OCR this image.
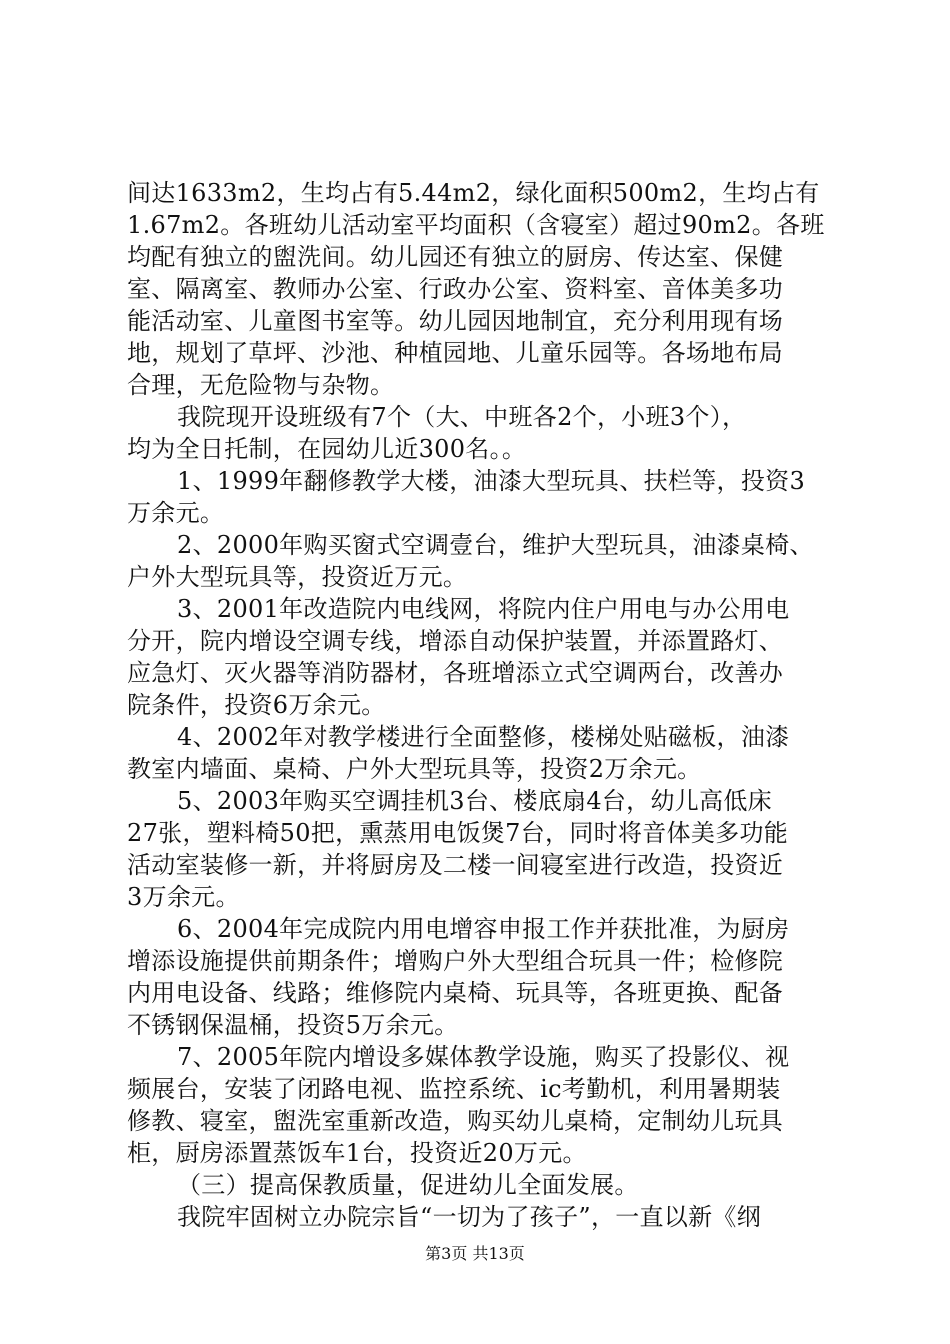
间达1633m2，生均占有5.44m2，绿化面积500m2，生均占有
1.67m2。各班幼儿活动室平均面积（含寝室）超过90m2。各班
均配有独立的盥洗间。幼儿园还有独立的厨房、传达室、保健
室、隔离室、教师办公室、行政办公室、资料室、音体美多功
能活动室、儿童图书室等。幼儿园因地制宜，充分利用现有场
地，规划了草坪、沙池、种植园地、儿童乐园等。各场地布局
合理，无危险物与杂物。
我院现开设班级有7个（大、中班各2个，小班3个），
均为全日托制，在园幼儿近300名。。
1、1999年翻修教学大楼，油漆大型玩具、扶栏等，投资3
万余元。
2、2000年购买窗式空调壹台，维护大型玩具，油漆桌椅、
户外大型玩具等，投资近万元。
3、2001年改造院内电线网，将院内住户用电与办公用电
分开，院内增设空调专线，增添自动保护装置，并添置路灯、
应急灯、灭火器等消防器材，各班增添立式空调两台，改善办
院条件，投资6万余元。
4、2002年对教学楼进行全面整修，楼梯处贴磁板，油漆
教室内墙面、桌椅、户外大型玩具等，投资2万余元。
5、2003年购买空调挂机3台、楼底扇4台，幼儿高低床
27张，塑料椅50把，熏蒸用电饭煲7台，同时将音体美多功能
活动室装修一新，并将厨房及二楼一间寝室进行改造，投资近
3万余元。
6、2004年完成院内用电增容申报工作并获批准，为厨房
增添设施提供前期条件；增购户外大型组合玩具一件；检修院
内用电设备、线路；维修院内桌椅、玩具等，各班更换、配备
不锈钢保温桶，投资5万余元。
7、2005年院内增设多媒体教学设施，购买了投影仪、视
频展台，安装了闭路电视、监控系统、ic考勤机，利用暑期装
修教、寝室，盥洗室重新改造，购买幼儿桌椅，定制幼儿玩具
柜，厨房添置蒸饭车1台，投资近20万元。
（三）提高保教质量，促进幼儿全面发展。
我院牢固树立办院宗旨“一切为了孩子”，一直以新《纲
第3页 共13页
